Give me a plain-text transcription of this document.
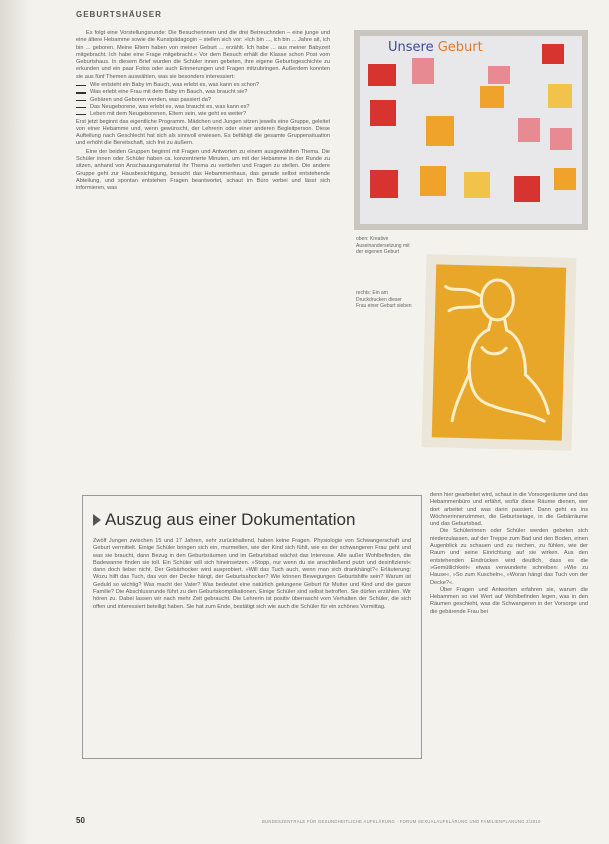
GEBURTSHÄUSER

Es folgt eine Vorstellungsrunde: Die Besucherinnen und die drei Betreuchnden – eine junge und eine ältere Hebamme sowie die Kunstpädagogin – stellen sich vor: »Ich bin ..., ich bin ... Jahre alt, ich bin ... geboren. Meine Eltern haben von meiner Geburt ... erzählt. Ich habe ... aus meiner Babyzeit mitgebracht. Ich habe eine Frage mitgebracht.« Vor dem Besuch erhält die Klasse schon Post vom Geburtshaus. In diesem Brief wurden die Schüler innen gebeten, ihre eigene Geburtsgeschichte zu erkunden und ein paar Fotos oder auch Erinnerungen und Fragen mitzubringen. Außerdem konnten sie aus fünf Themen auswählen, was sie besonders interessiert:

Wie entsteht ein Baby im Bauch, was erlebt es, was kann es schon?
Was erlebt eine Frau mit dem Baby im Bauch, was braucht sie?
Gebären und Geboren werden, was passiert da?
Das Neugeborene, was erlebt es, was braucht es, was kann es?
Leben mit dem Neugeborenen, Eltern sein, wie geht es weiter?

Erst jetzt beginnt das eigentliche Programm. Mädchen und Jungen sitzen jeweils eine Gruppe, geleitet von einer Hebamme und, wenn gewünscht, der Lehrerin oder einer anderen Begleitperson. Diese Aufteilung nach Geschlecht hat sich als sinnvoll erwiesen. Es befähigt die gesamte Gruppensituation und erhöht die Bereitschaft, sich frei zu äußern.

Eine der beiden Gruppen beginnt mit Fragen und Antworten zu einem ausgewählten Thema. Die Schüler innen oder Schüler haben ca. konzentrierte Minuten, um mit der Hebamme in der Runde zu sitzen, anhand von Anschauungsmaterial ihr Thema zu vertiefen und Fragen zu stellen. Die andere Gruppe geht zur Hausbesichtigung, besucht das Hebammenhaus, das gerade selbst entstehende Abteilung, und spontan entstehen Fragen beantwortet, schaut im Büro vorbei und lässt sich informieren, was

Unsere Geburt
oben: Kreative Auseinandersetzung mit der eigenen Geburt
rechts: Ein am Druckdrucken dieser Frau einer Geburt sieben
Auszug aus einer Dokumentation

Zwölf Jungen zwischen 15 und 17 Jahren, sehr zurückhaltend, haben keine Fragen. Physiologie von Schwangerschaft und Geburt vermittelt. Einige Schüler bringen sich ein, murmelten, wie der Kind sich fühlt, wie es der schwangeren Frau geht und was sie braucht, dann Bezug in den Geburtsräumen und im Geburtsbad wächst das Interesse. Alle außer Wohlbefinden, die Badewanne finden sie toll. Ein Schüler will sich hineinsetzen. »Stopp, nur wenn du sie anschließend putzt und desinfizierst« dann doch lieber nicht. Der Gebärhocker wird ausprobiert. »Will das Tuch auch, wenn man sich drankhängt?« Erläuterung: Wozu hilft das Tuch, das von der Decke hängt, der Geburtsahocker? Wie können Bewegungen Geburtshilfe sein? Warum ist Geduld so wichtig? Was macht der Vater? Was bedeutet eine natürlich gelungene Geburt für Mutter und Kind und die ganze Familie? Die Abschlussrunde führt zu den Geburtskomplikationen. Einige Schüler sind selbst betroffen. Sie dürfen erzählen. Wir hören zu. Dabei lassen wir nach mehr Zeit gebraucht. Die Lehrerin ist positiv überrascht vom Verhalten der Schüler, die sich offen und interessiert beteiligt haben. Sie hat zum Ende, bestätigt sich wie auch die Schüler für ein schönes Vormittag.

denn hier gearbeitet wird, schaut in die Vorsorgeräume und das Hebammenbüro und erfährt, wofür diese Räume dienen, wer dort arbeitet und was darin passiert. Dann geht es ins Wöchnerinnenzimmer, die Geburtsetage, in die Gebärräume und das Geburtsbad.

Die Schülerinnen oder Schüler werden gebeten sich niederzulassen, auf der Treppe zum Bad und den Boden, einen Augenblick zu schauen und zu riechen, zu fühlen, wie der Raum und seine Einrichtung auf sie wirken. Aus den entstehenden Eindrücken wird deutlich, dass es die »Gemütlichkeit« etwas verwunderte schreiben: »Wie zu Hause«, »So zum Kuscheln«, »Woran hängt das Tuch von der Decke?«.

Über Fragen und Antworten erfahren sie, warum die Hebammen so viel Wert auf Wohlbefinden legen, was in den Räumen geschieht, was die Schwangeren in der Vorsorge und die gebärende Frau bei

50	BUNDESZENTRALE FÜR GESUNDHEITLICHE AUFKLÄRUNG · FORUM SEXUALAUFKLÄRUNG UND FAMILIENPLANUNG 2/2010
